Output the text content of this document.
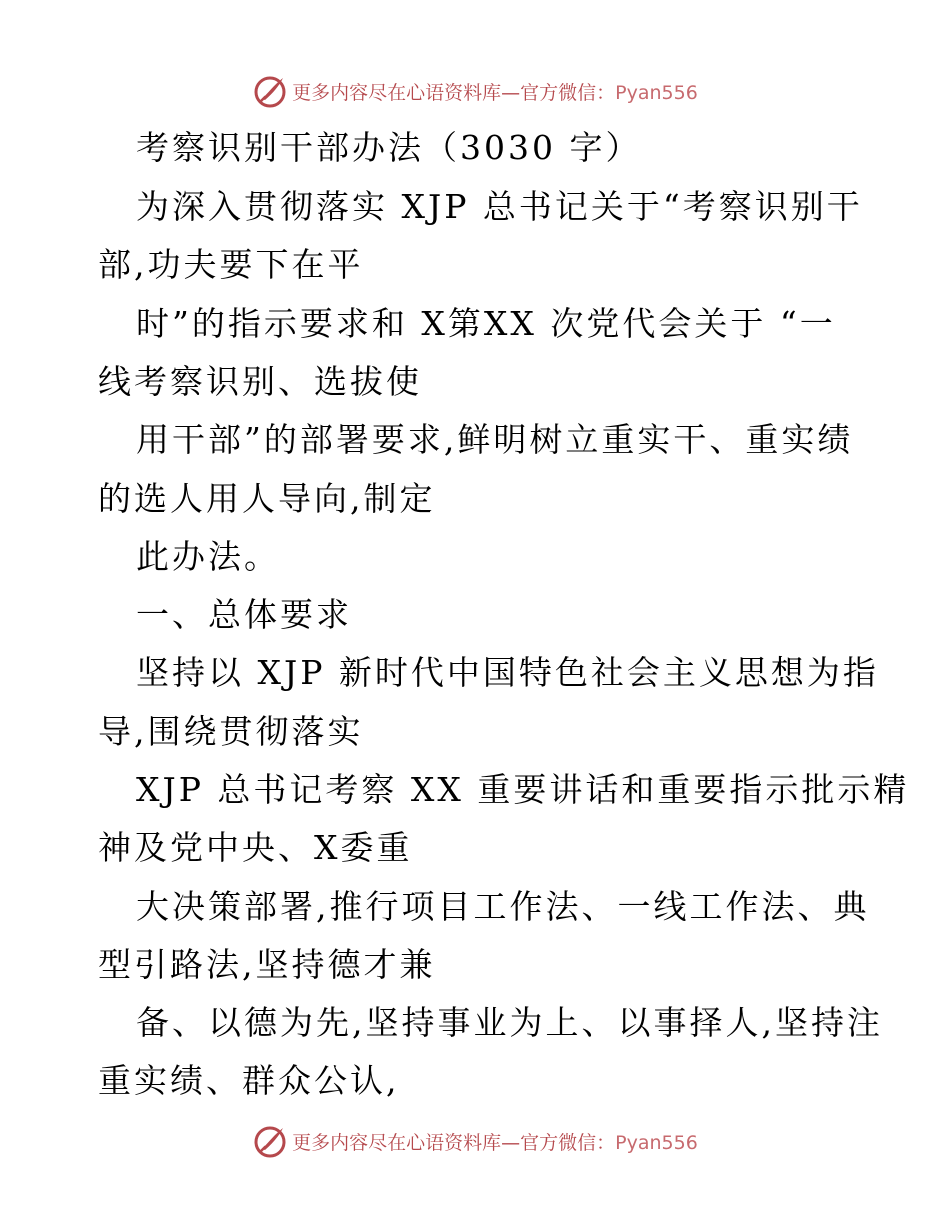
更多内容尽在心语资料库—官方微信：Pyan556
考察识别干部办法（3030 字）
为深入贯彻落实 XJP 总书记关于“考察识别干
部,功夫要下在平
时”的指示要求和 X第XX 次党代会关于 “一
线考察识别、选拔使
用干部”的部署要求,鲜明树立重实干、重实绩
的选人用人导向,制定
此办法。
一、总体要求
坚持以 XJP 新时代中国特色社会主义思想为指
导,围绕贯彻落实
XJP 总书记考察 XX 重要讲话和重要指示批示精
神及党中央、X委重
大决策部署,推行项目工作法、一线工作法、典
型引路法,坚持德才兼
备、以德为先,坚持事业为上、以事择人,坚持注
重实绩、群众公认,
更多内容尽在心语资料库—官方微信：Pyan556
